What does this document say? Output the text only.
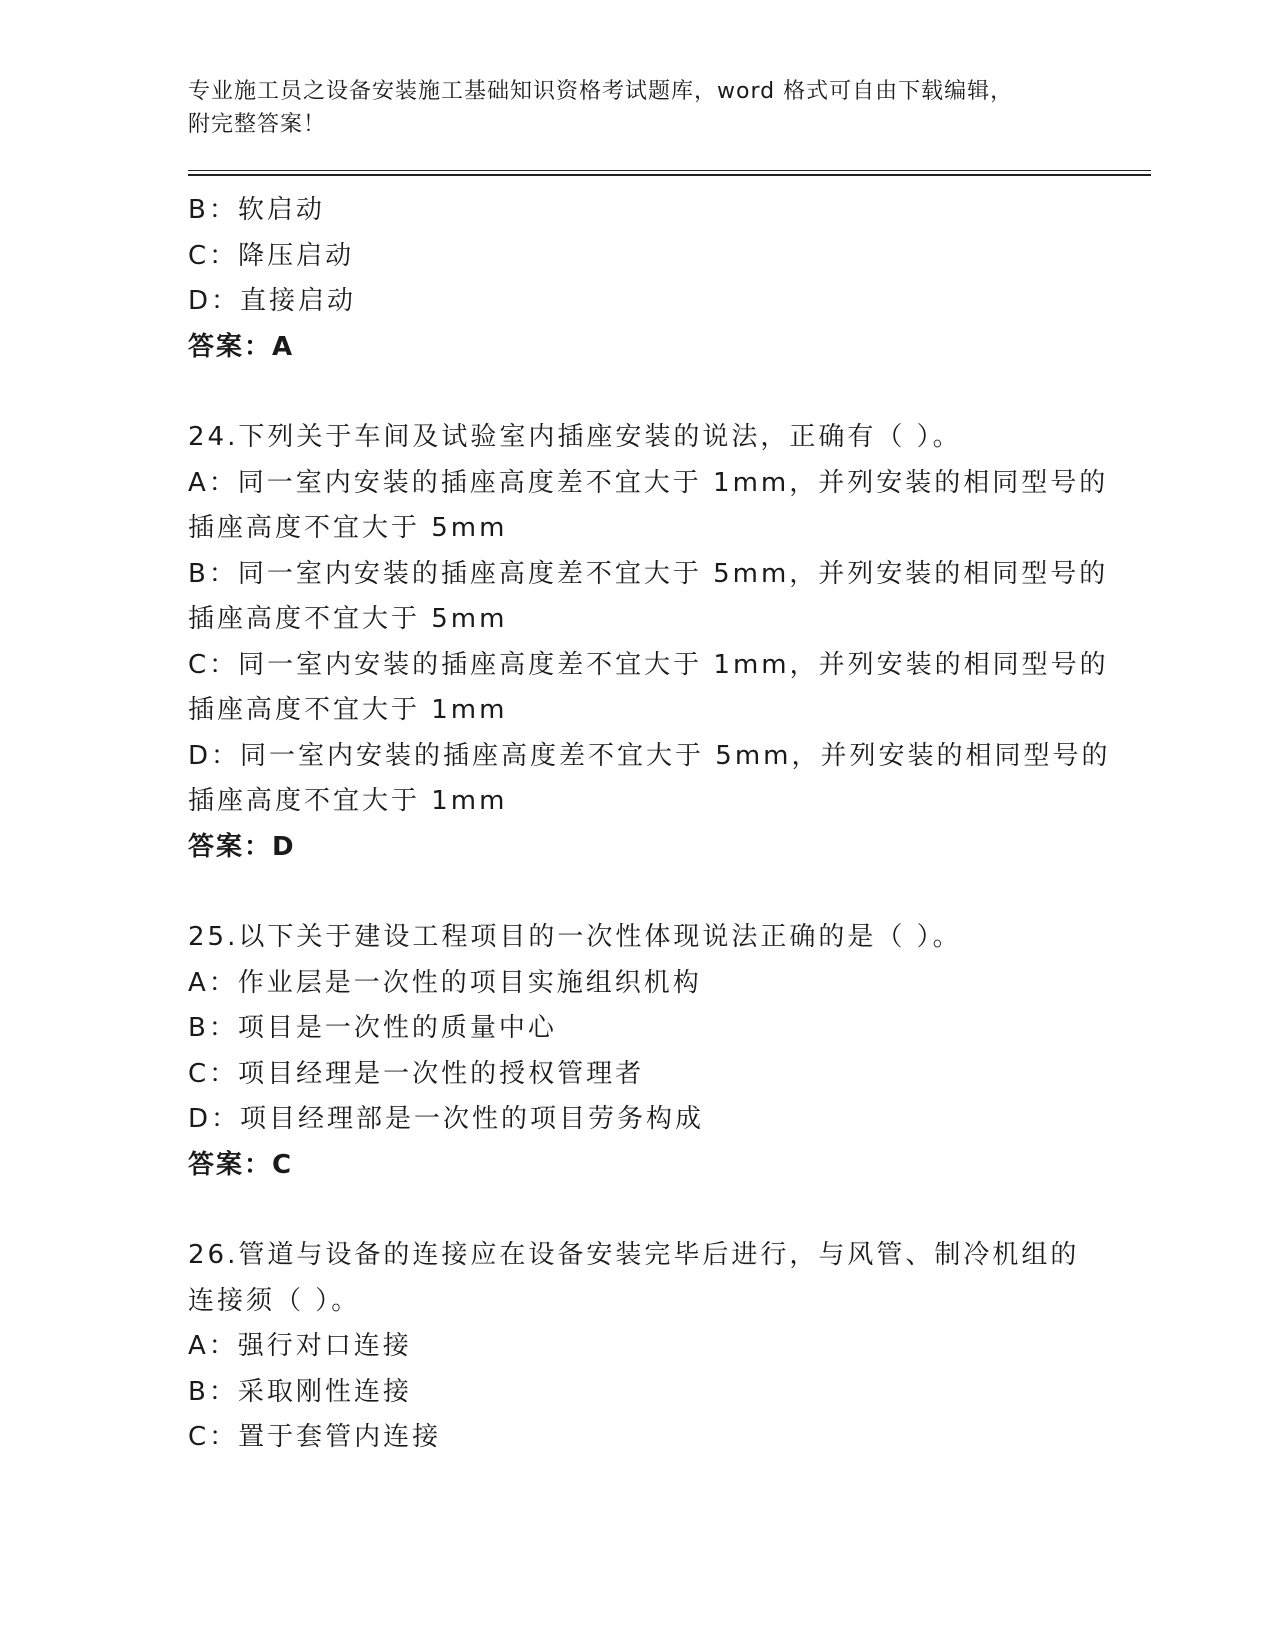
专业施工员之设备安装施工基础知识资格考试题库，word 格式可自由下载编辑，
附完整答案！
B：软启动
C：降压启动
D：直接启动
答案：A
24.下列关于车间及试验室内插座安装的说法，正确有（ ）。
A：同一室内安装的插座高度差不宜大于 1mm，并列安装的相同型号的
插座高度不宜大于 5mm
B：同一室内安装的插座高度差不宜大于 5mm，并列安装的相同型号的
插座高度不宜大于 5mm
C：同一室内安装的插座高度差不宜大于 1mm，并列安装的相同型号的
插座高度不宜大于 1mm
D：同一室内安装的插座高度差不宜大于 5mm，并列安装的相同型号的
插座高度不宜大于 1mm
答案：D
25.以下关于建设工程项目的一次性体现说法正确的是（ ）。
A：作业层是一次性的项目实施组织机构
B：项目是一次性的质量中心
C：项目经理是一次性的授权管理者
D：项目经理部是一次性的项目劳务构成
答案：C
26.管道与设备的连接应在设备安装完毕后进行，与风管、制冷机组的
连接须（ ）。
A：强行对口连接
B：采取刚性连接
C：置于套管内连接
